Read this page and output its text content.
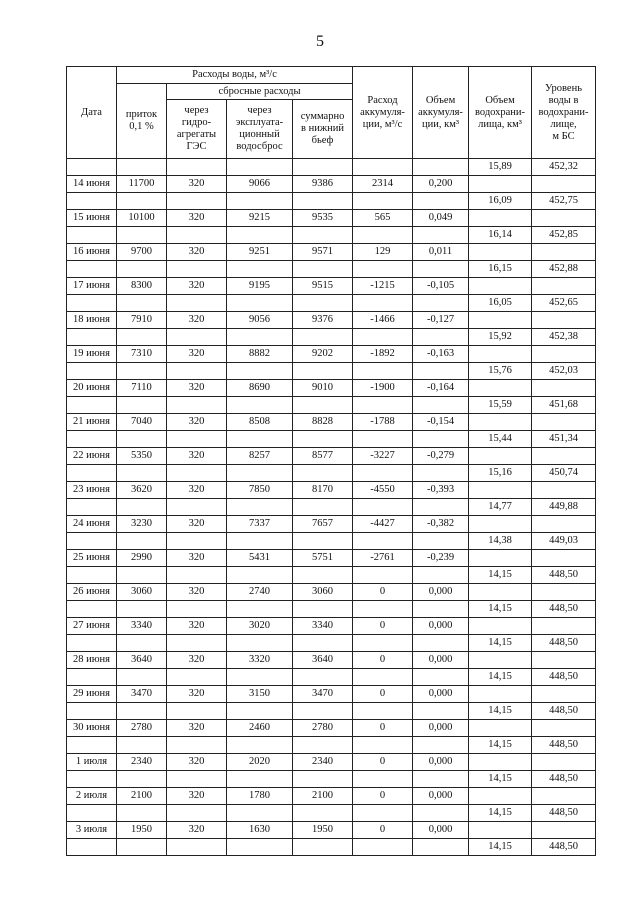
5
Дата	Расходы воды, м³/с				Расход
аккумуля-
ции, м³/с	Объем
аккумуля-
ции, км³	Объем
водохрани-
лища, км³	Уровень
воды в
водохрани-
лище,
м БС

	приток
0,1 %	сбросные расходы						

		через
гидро-
агрегаты
ГЭС	через
эксплуата-
ционный
водосброс	суммарно
в нижний
бьеф				

							15,89	452,32
14 июня	11700	320	9066	9386	2314	0,200		
							16,09	452,75
15 июня	10100	320	9215	9535	565	0,049		
							16,14	452,85
16 июня	9700	320	9251	9571	129	0,011		
							16,15	452,88
17 июня	8300	320	9195	9515	-1215	-0,105		
							16,05	452,65
18 июня	7910	320	9056	9376	-1466	-0,127		
							15,92	452,38
19 июня	7310	320	8882	9202	-1892	-0,163		
							15,76	452,03
20 июня	7110	320	8690	9010	-1900	-0,164		
							15,59	451,68
21 июня	7040	320	8508	8828	-1788	-0,154		
							15,44	451,34
22 июня	5350	320	8257	8577	-3227	-0,279		
							15,16	450,74
23 июня	3620	320	7850	8170	-4550	-0,393		
							14,77	449,88
24 июня	3230	320	7337	7657	-4427	-0,382		
							14,38	449,03
25 июня	2990	320	5431	5751	-2761	-0,239		
							14,15	448,50
26 июня	3060	320	2740	3060	0	0,000		
							14,15	448,50
27 июня	3340	320	3020	3340	0	0,000		
							14,15	448,50
28 июня	3640	320	3320	3640	0	0,000		
							14,15	448,50
29 июня	3470	320	3150	3470	0	0,000		
							14,15	448,50
30 июня	2780	320	2460	2780	0	0,000		
							14,15	448,50
1 июля	2340	320	2020	2340	0	0,000		
							14,15	448,50
2 июля	2100	320	1780	2100	0	0,000		
							14,15	448,50
3 июля	1950	320	1630	1950	0	0,000		
							14,15	448,50
